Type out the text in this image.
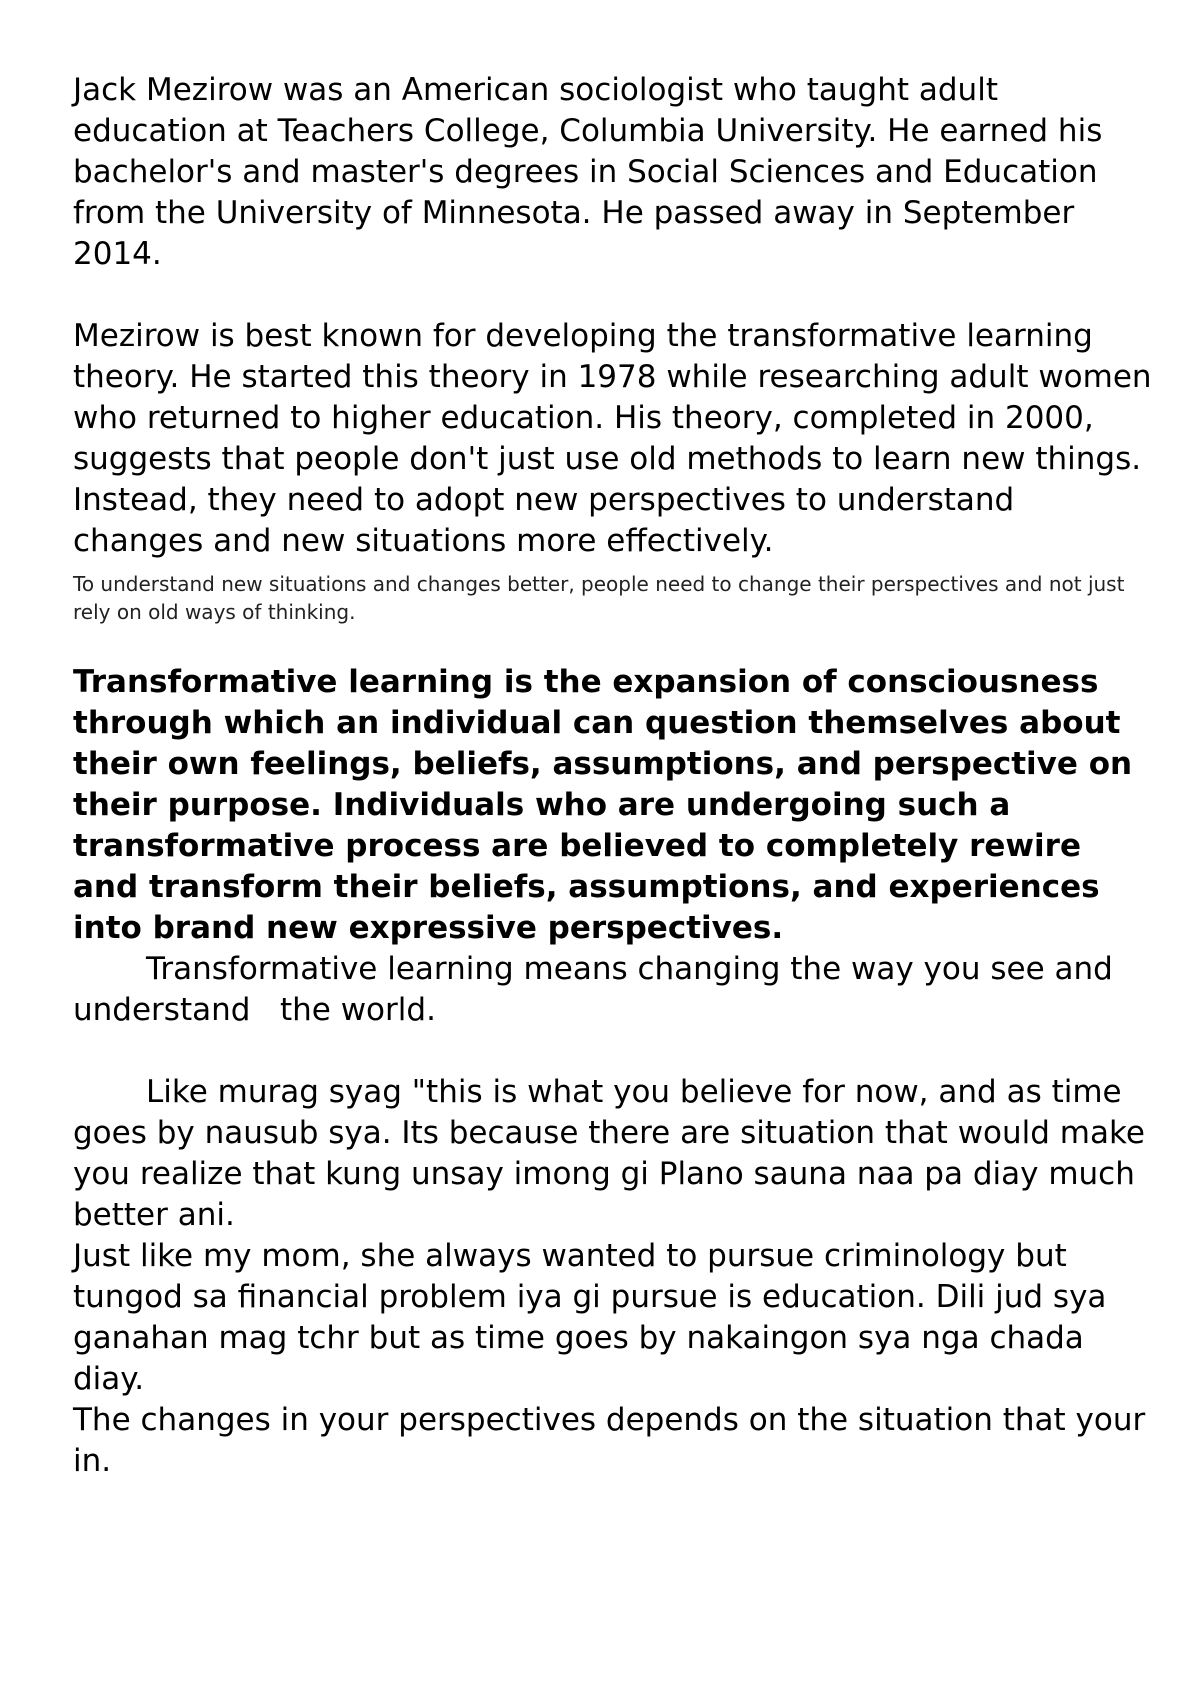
Jack Mezirow was an American sociologist who taught adult education at Teachers College, Columbia University. He earned his bachelor's and master's degrees in Social Sciences and Education from the University of Minnesota. He passed away in September 2014.

Mezirow is best known for developing the transformative learning theory. He started this theory in 1978 while researching adult women who returned to higher education. His theory, completed in 2000, suggests that people don't just use old methods to learn new things. Instead, they need to adopt new perspectives to understand changes and new situations more effectively.

To understand new situations and changes better, people need to change their perspectives and not just rely on old ways of thinking.

Transformative learning is the expansion of consciousness through which an individual can question themselves about their own feelings, beliefs, assumptions, and perspective on their purpose. Individuals who are undergoing such a transformative process are believed to completely rewire and transform their beliefs, assumptions, and experiences into brand new expressive perspectives.

Transformative learning means changing the way you see and understand   the world.

Like murag syag "this is what you believe for now, and as time goes by nausub sya. Its because there are situation that would make you realize that kung unsay imong gi Plano sauna naa pa diay much better ani.

Just like my mom, she always wanted to pursue criminology but tungod sa financial problem iya gi pursue is education. Dili jud sya ganahan mag tchr but as time goes by nakaingon sya nga chada diay.

The changes in your perspectives depends on the situation that your in.
